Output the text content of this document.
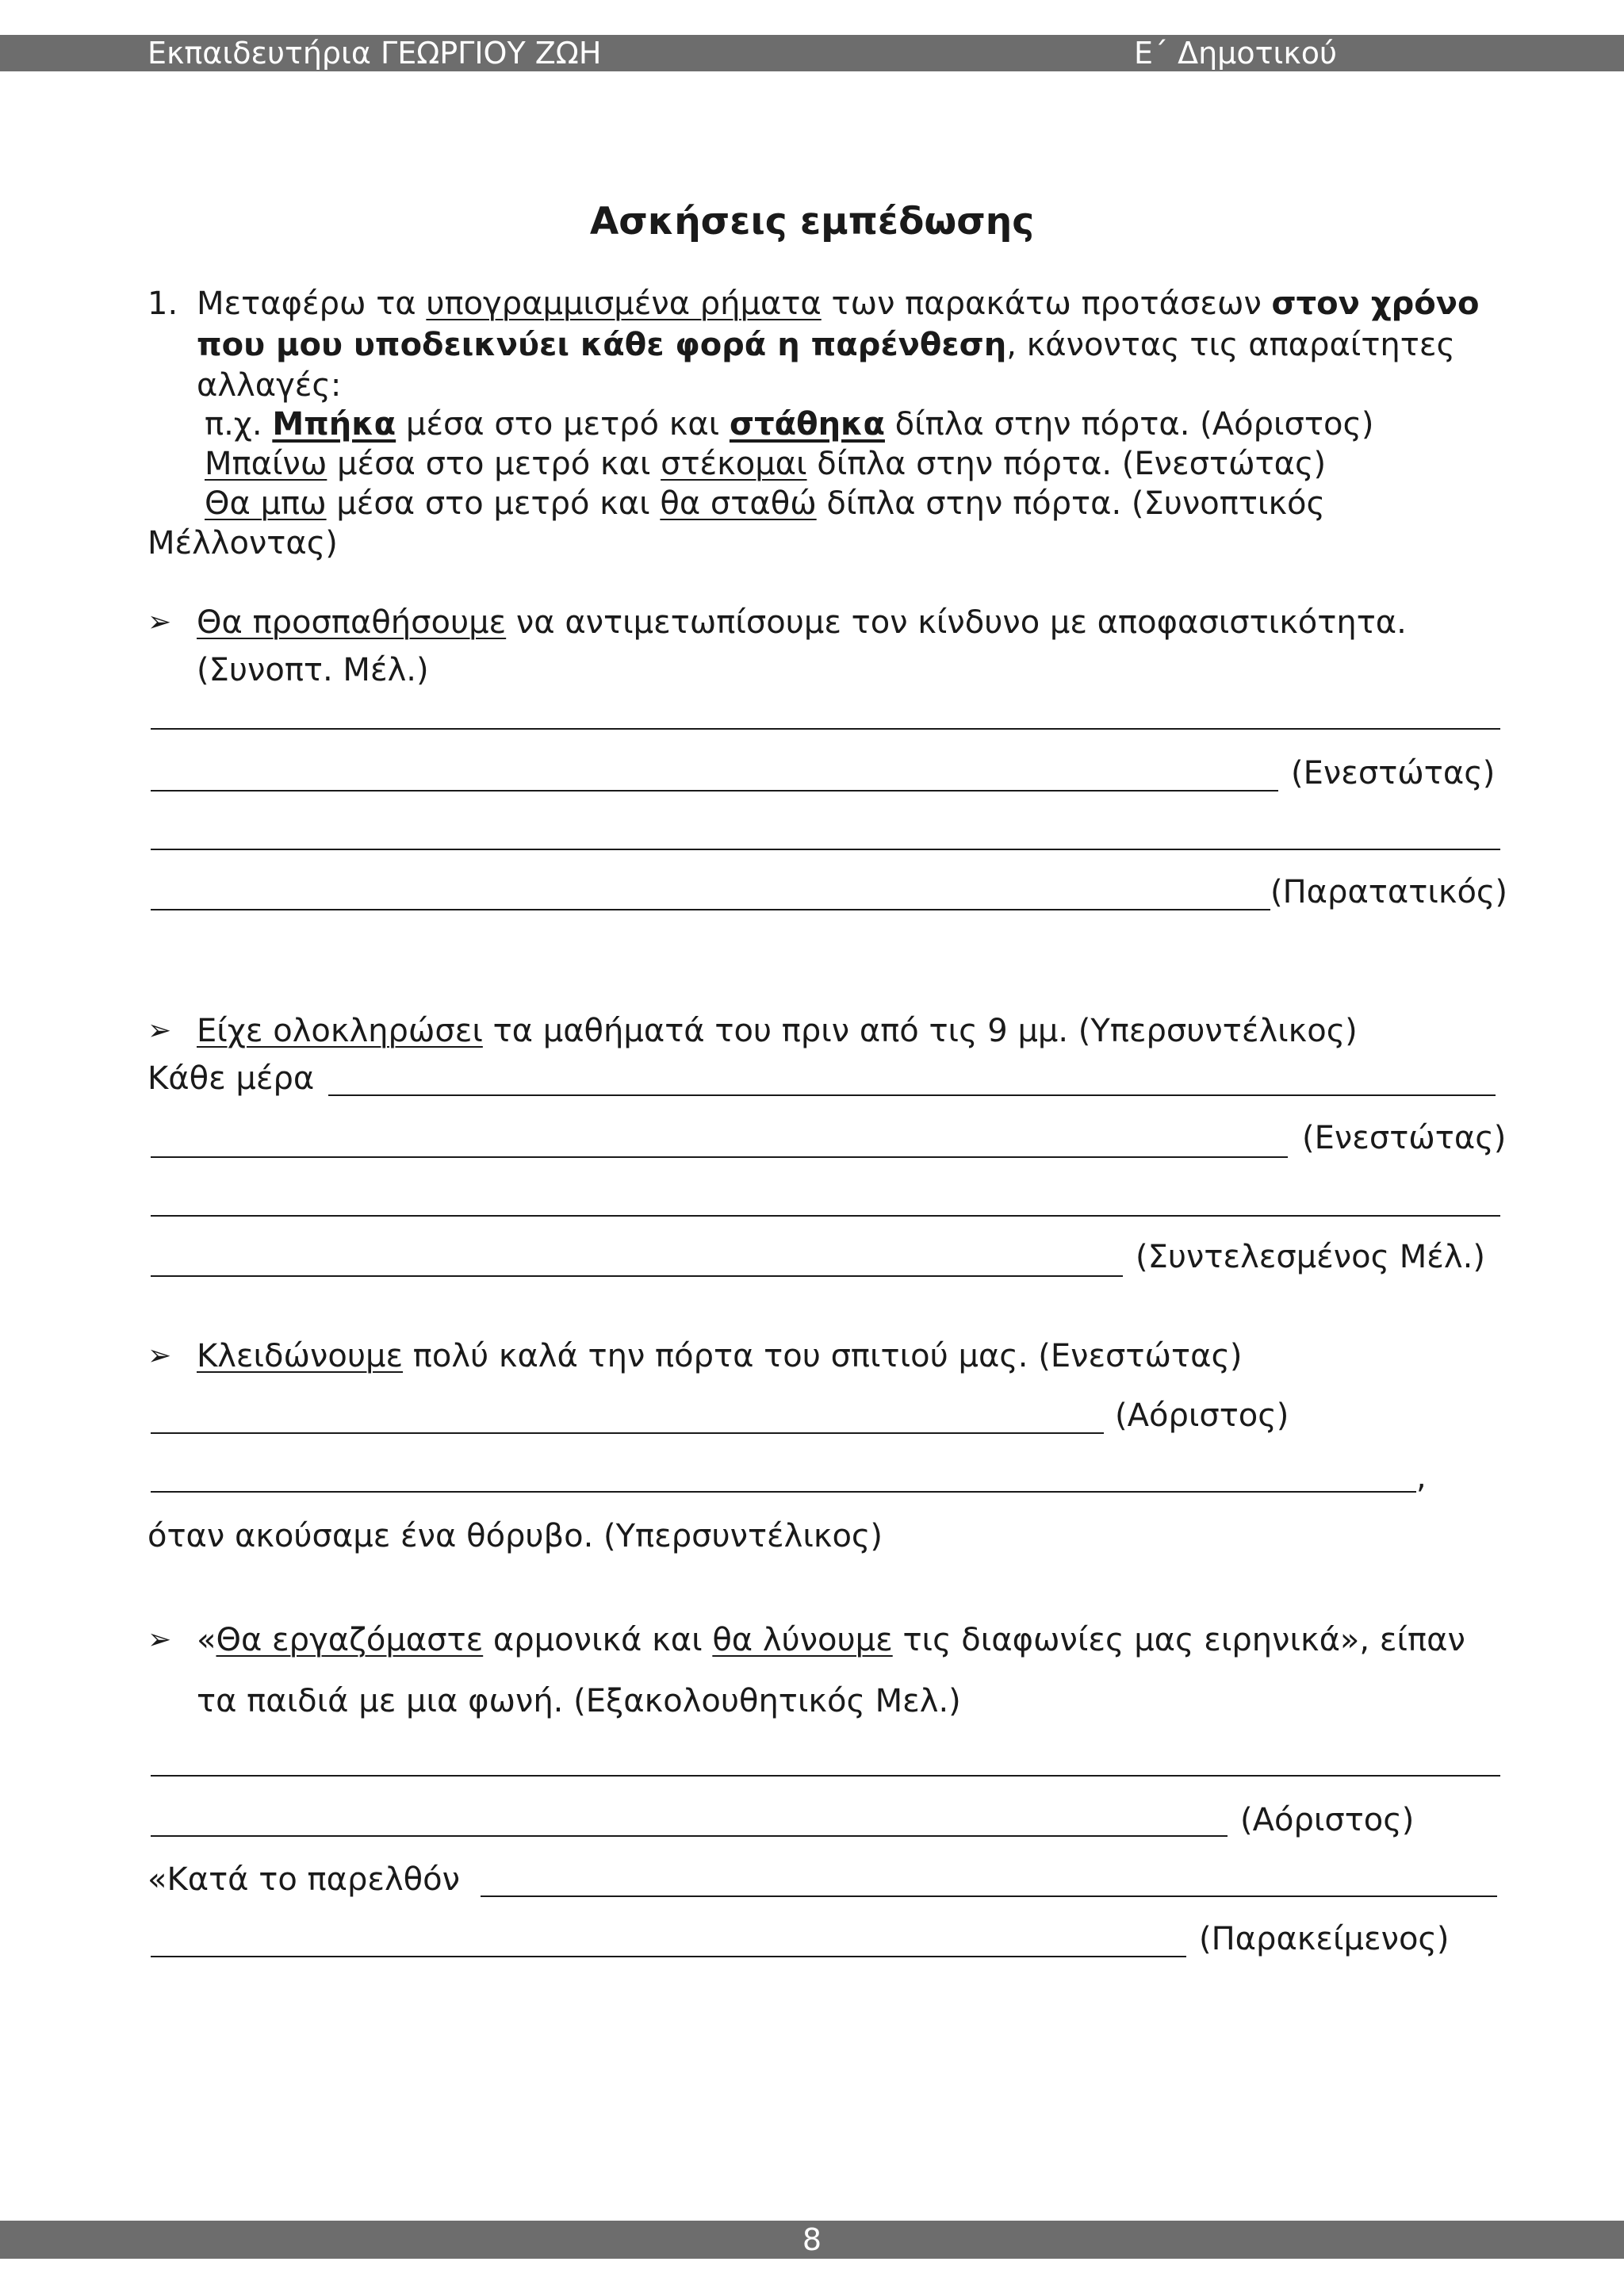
Εκπαιδευτήρια ΓΕΩΡΓΙΟΥ ΖΩΗ	Ε΄ Δημοτικού
Ασκήσεις εμπέδωσης
1. Μεταφέρω τα υπογραμμισμένα ρήματα των παρακάτω προτάσεων στον χρόνο
που μου υποδεικνύει κάθε φορά η παρένθεση, κάνοντας τις απαραίτητες
αλλαγές:
π.χ. Μπήκα μέσα στο μετρό και στάθηκα δίπλα στην πόρτα. (Αόριστος)
Μπαίνω μέσα στο μετρό και στέκομαι δίπλα στην πόρτα. (Ενεστώτας)
Θα μπω μέσα στο μετρό και θα σταθώ δίπλα στην πόρτα. (Συνοπτικός
Μέλλοντας)
➢ Θα προσπαθήσουμε να αντιμετωπίσουμε τον κίνδυνο με αποφασιστικότητα.
(Συνοπτ. Μέλ.)
(Ενεστώτας)
(Παρατατικός)
➢ Είχε ολοκληρώσει τα μαθήματά του πριν από τις 9 μμ. (Υπερσυντέλικος)
Κάθε μέρα
(Ενεστώτας)
(Συντελεσμένος Μέλ.)
➢ Κλειδώνουμε πολύ καλά την πόρτα του σπιτιού μας. (Ενεστώτας)
(Αόριστος)
,
όταν ακούσαμε ένα θόρυβο. (Υπερσυντέλικος)
➢ «Θα εργαζόμαστε αρμονικά και θα λύνουμε τις διαφωνίες μας ειρηνικά», είπαν
τα παιδιά με μια φωνή. (Εξακολουθητικός Μελ.)
(Αόριστος)
«Κατά το παρελθόν
(Παρακείμενος)
8
